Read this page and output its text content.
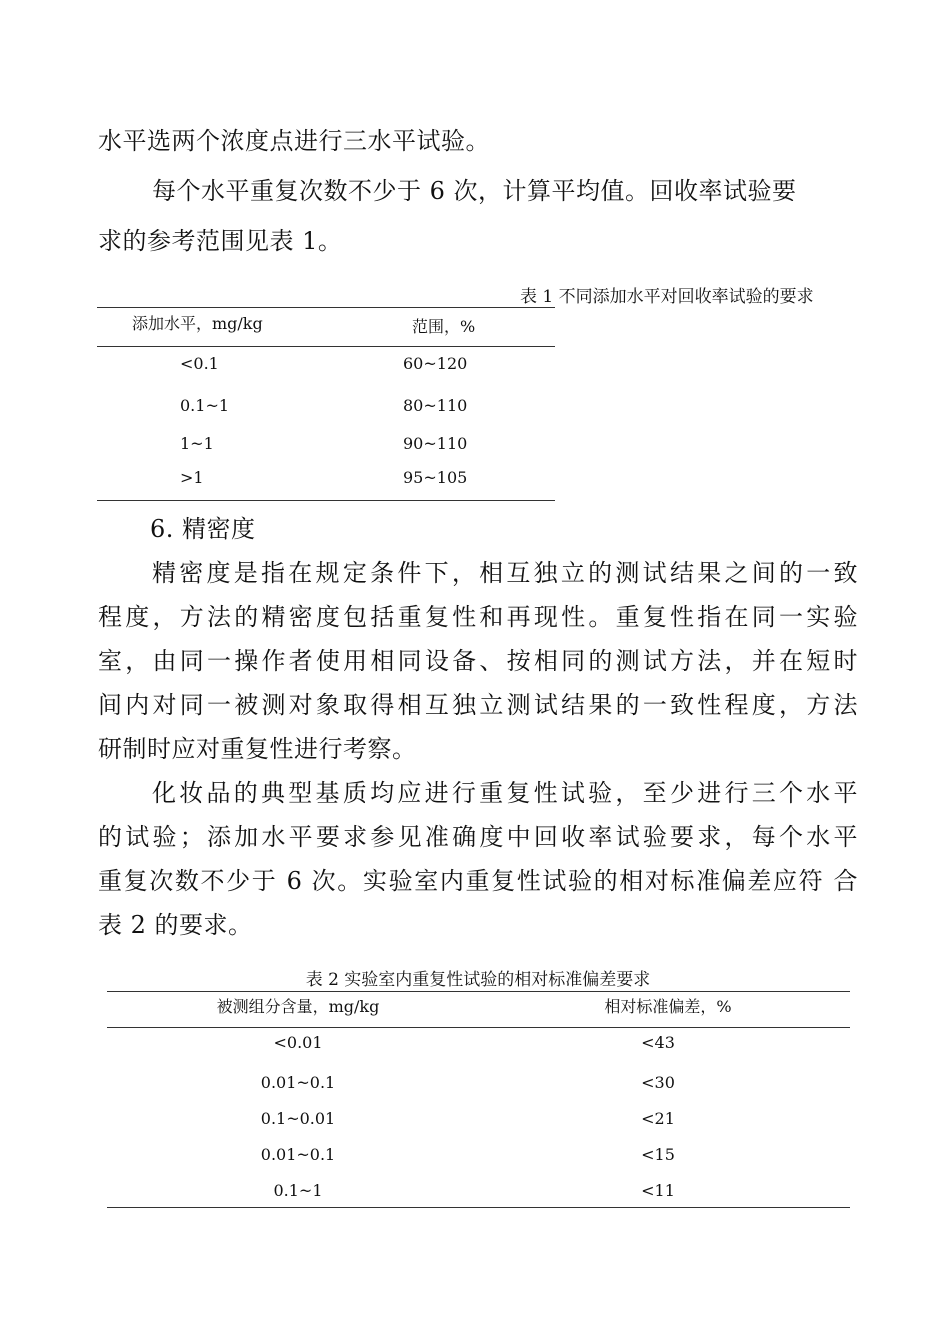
水平选两个浓度点进行三水平试验。

每个水平重复次数不少于 6 次，计算平均值。回收率试验要

求的参考范围见表 1。

表 1 不同添加水平对回收率试验的要求
添加水平，mg/kg	范围，%
<0.1	60~120
0.1~1	80~110
1~1	90~110
>1	95~105

6. 精密度

精密度是指在规定条件下，相互独立的测试结果之间的一致

程度，方法的精密度包括重复性和再现性。重复性指在同一实验

室，由同一操作者使用相同设备、按相同的测试方法，并在短时

间内对同一被测对象取得相互独立测试结果的一致性程度，方法

研制时应对重复性进行考察。

化妆品的典型基质均应进行重复性试验，至少进行三个水平

的试验；添加水平要求参见准确度中回收率试验要求，每个水平

重复次数不少于 6 次。实验室内重复性试验的相对标准偏差应符 合

表 2 的要求。

表 2 实验室内重复性试验的相对标准偏差要求
被测组分含量，mg/kg	相对标准偏差，%
<0.01	<43
0.01~0.1	<30
0.1~0.01	<21
0.01~0.1	<15
0.1~1	<11
